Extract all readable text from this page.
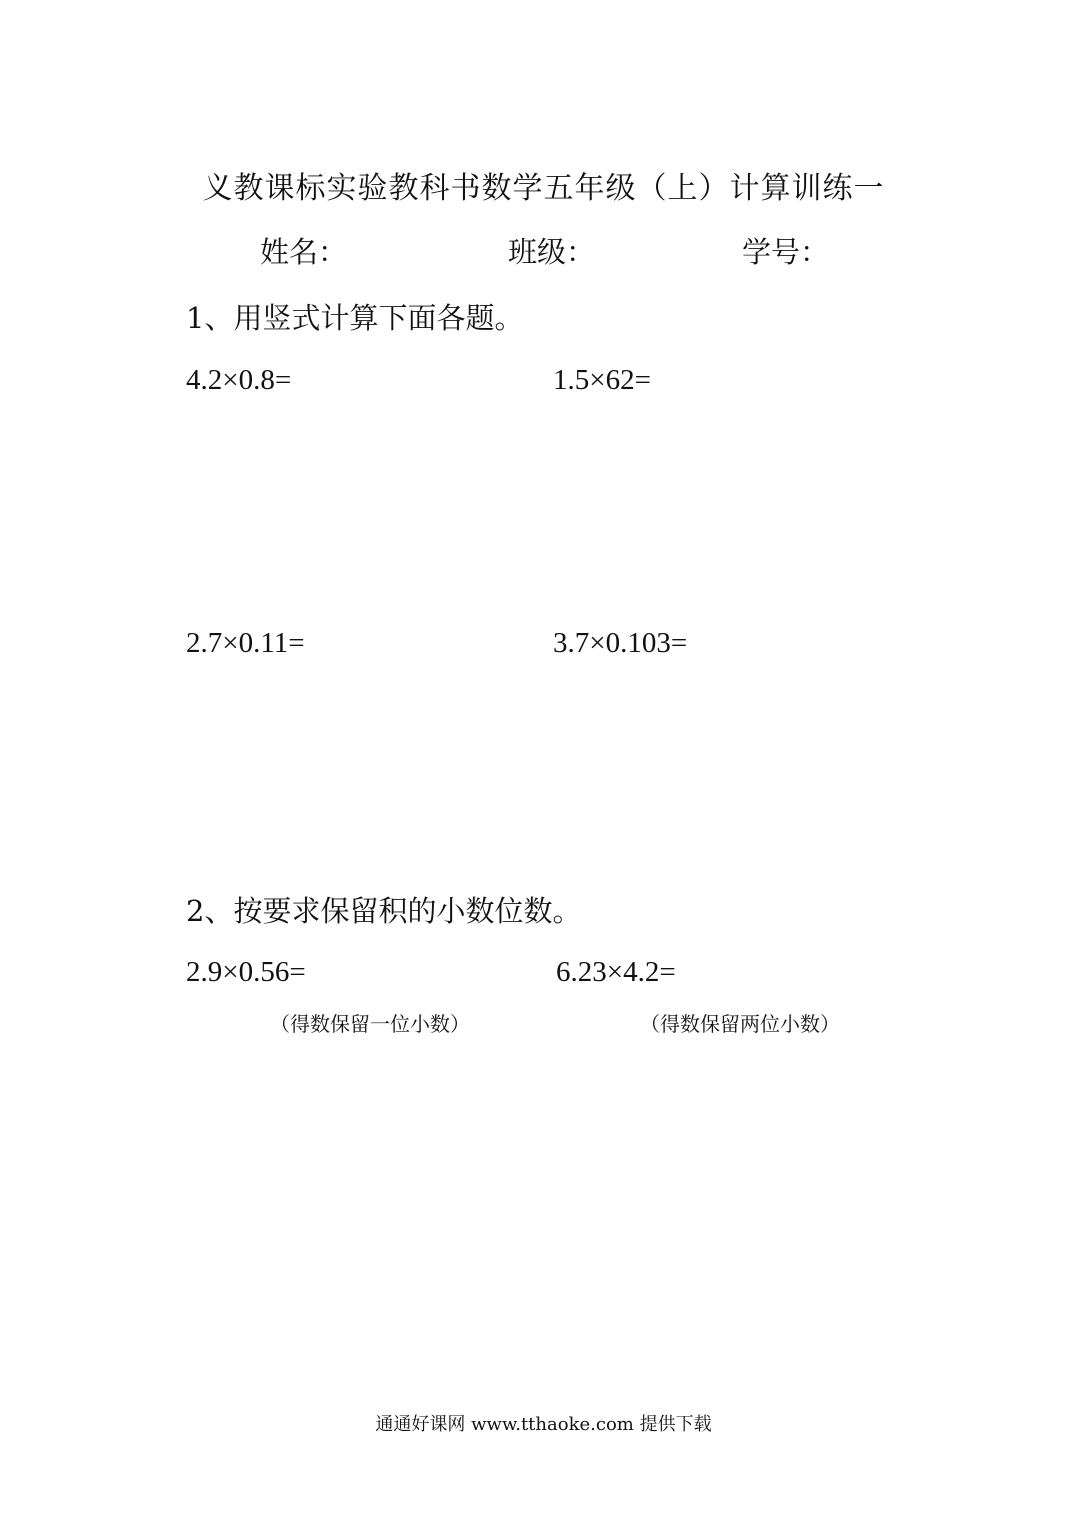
义教课标实验教科书数学五年级（上）计算训练一
姓名：	班级：	学号：
1、用竖式计算下面各题。
4.2×0.8=	1.5×62=
2.7×0.11=	3.7×0.103=
2、按要求保留积的小数位数。
2.9×0.56=	6.23×4.2=
（得数保留一位小数）	（得数保留两位小数）
通通好课网 www.tthaoke.com 提供下载
